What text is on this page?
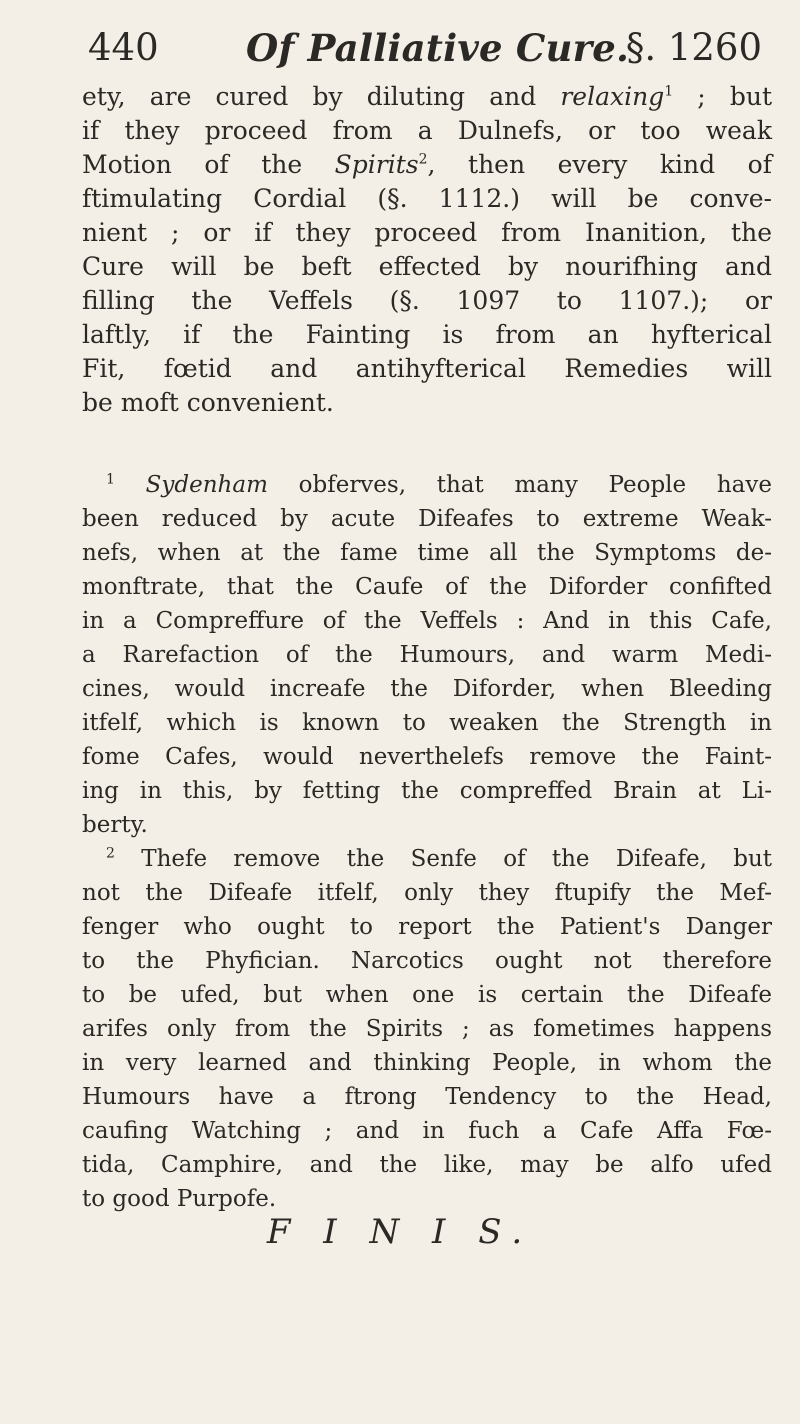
440 Of Palliative Cure.
§. 1260
ety, are cured by diluting and relaxing$^1$ ; but
if they proceed from a Dulnefs, or too weak
Motion of the Spirits$^2$, then every kind of
ftimulating Cordial (§. 1112.) will be conve-
nient ; or if they proceed from Inanition, the
Cure will be beft effected by nourifhing and
filling the Veffels (§. 1097 to 1107.); or
laftly, if the Fainting is from an hyfterical
Fit, fœtid and antihyfterical Remedies will
be moft convenient.
$^1$ Sydenham obferves, that many People have
been reduced by acute Difeafes to extreme Weak-
nefs, when at the fame time all the Symptoms de-
monftrate, that the Caufe of the Diforder confifted
in a Compreffure of the Veffels : And in this Cafe,
a Rarefaction of the Humours, and warm Medi-
cines, would increafe the Diforder, when Bleeding
itfelf, which is known to weaken the Strength in
fome Cafes, would neverthelefs remove the Faint-
ing in this, by fetting the compreffed Brain at Li-
berty.
$^2$ Thefe remove the Senfe of the Difeafe, but
not the Difeafe itfelf, only they ftupify the Mef-
fenger who ought to report the Patient's Danger
to the Phyfician. Narcotics ought not therefore
to be ufed, but when one is certain the Difeafe
arifes only from the Spirits ; as fometimes happens
in very learned and thinking People, in whom the
Humours have a ftrong Tendency to the Head,
caufing Watching ; and in fuch a Cafe Affa Fœ-
tida, Camphire, and the like, may be alfo ufed
to good Purpofe.
F I N I S.
